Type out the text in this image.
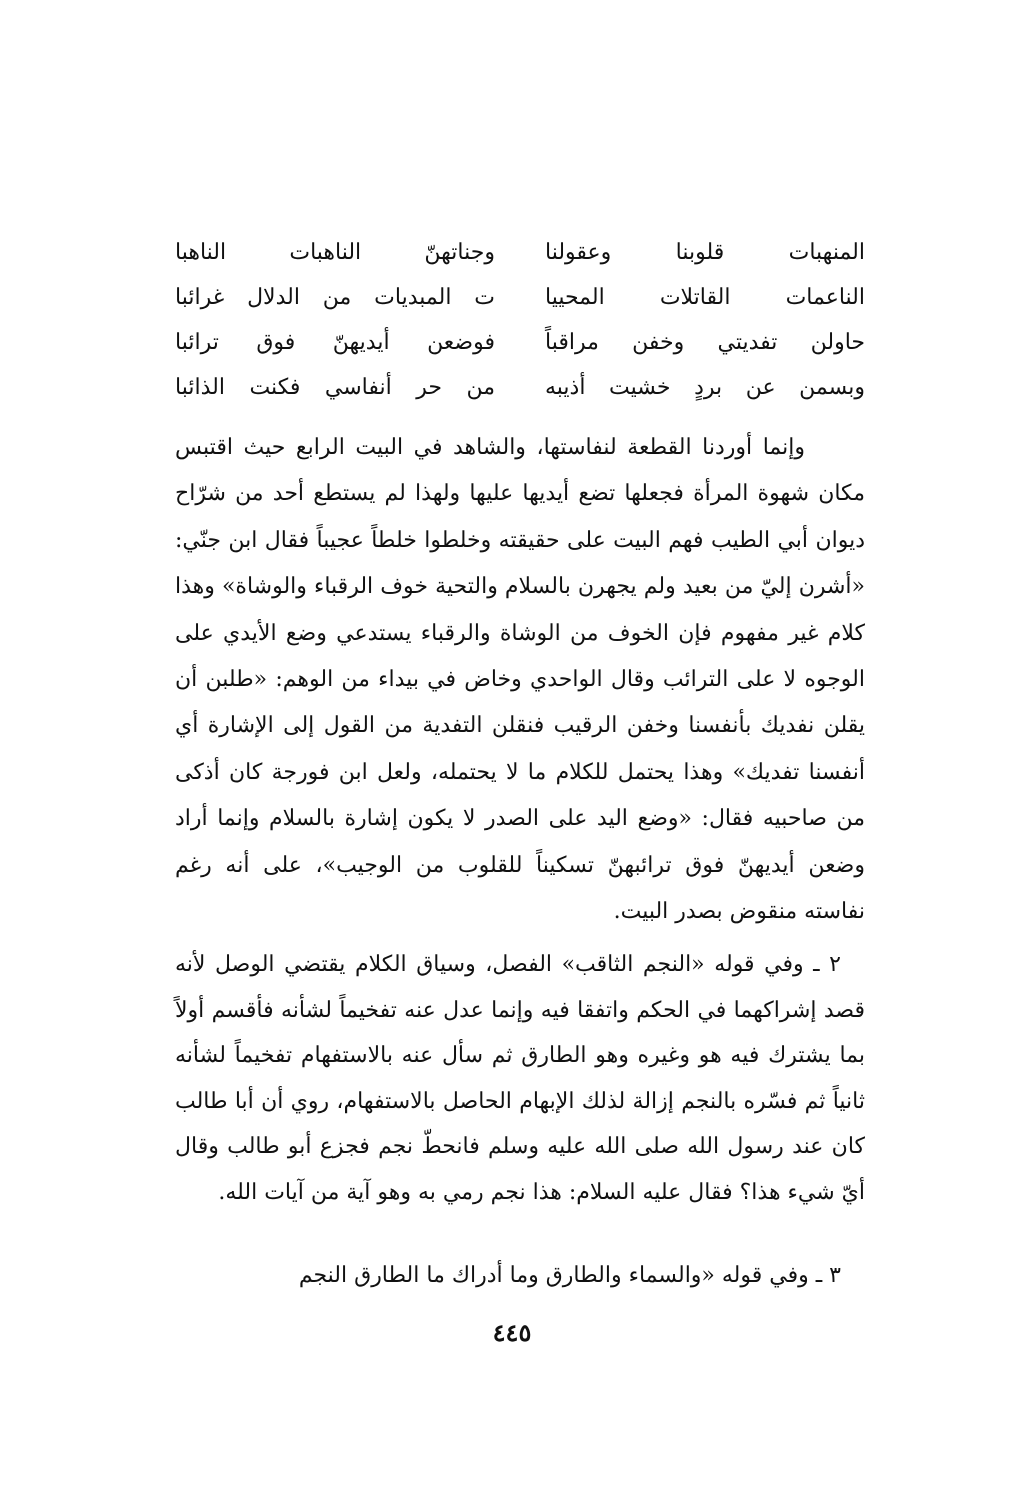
المنهبات قلوبنا وعقولنا
وجناتهنّ الناهبات الناهبا
الناعمات القاتلات المحييا
ت المبديات من الدلال غرائبا
حاولن تفديتي وخفن مراقباً
فوضعن أيديهنّ فوق ترائبا
وبسمن عن بردٍ خشيت أذيبه
من حر أنفاسي فكنت الذائبا

وإنما أوردنا القطعة لنفاستها، والشاهد في البيت الرابع حيث اقتبس مكان شهوة المرأة فجعلها تضع أيديها عليها ولهذا لم يستطع أحد من شرّاح ديوان أبي الطيب فهم البيت على حقيقته وخلطوا خلطاً عجيباً فقال ابن جنّي: «أشرن إليّ من بعيد ولم يجهرن بالسلام والتحية خوف الرقباء والوشاة» وهذا كلام غير مفهوم فإن الخوف من الوشاة والرقباء يستدعي وضع الأيدي على الوجوه لا على الترائب وقال الواحدي وخاض في بيداء من الوهم: «طلبن أن يقلن نفديك بأنفسنا وخفن الرقيب فنقلن التفدية من القول إلى الإشارة أي أنفسنا تفديك» وهذا يحتمل للكلام ما لا يحتمله، ولعل ابن فورجة كان أذكى من صاحبيه فقال: «وضع اليد على الصدر لا يكون إشارة بالسلام وإنما أراد وضعن أيديهنّ فوق ترائبهنّ تسكيناً للقلوب من الوجيب»، على أنه رغم نفاسته منقوض بصدر البيت.

٢ ـ وفي قوله «النجم الثاقب» الفصل، وسياق الكلام يقتضي الوصل لأنه قصد إشراكهما في الحكم واتفقا فيه وإنما عدل عنه تفخيماً لشأنه فأقسم أولاً بما يشترك فيه هو وغيره وهو الطارق ثم سأل عنه بالاستفهام تفخيماً لشأنه ثانياً ثم فسّره بالنجم إزالة لذلك الإبهام الحاصل بالاستفهام، روي أن أبا طالب كان عند رسول الله صلى الله عليه وسلم فانحطّ نجم فجزع أبو طالب وقال أيّ شيء هذا؟ فقال عليه السلام: هذا نجم رمي به وهو آية من آيات الله.

٣ ـ وفي قوله «والسماء والطارق وما أدراك ما الطارق النجم

٤٤٥
